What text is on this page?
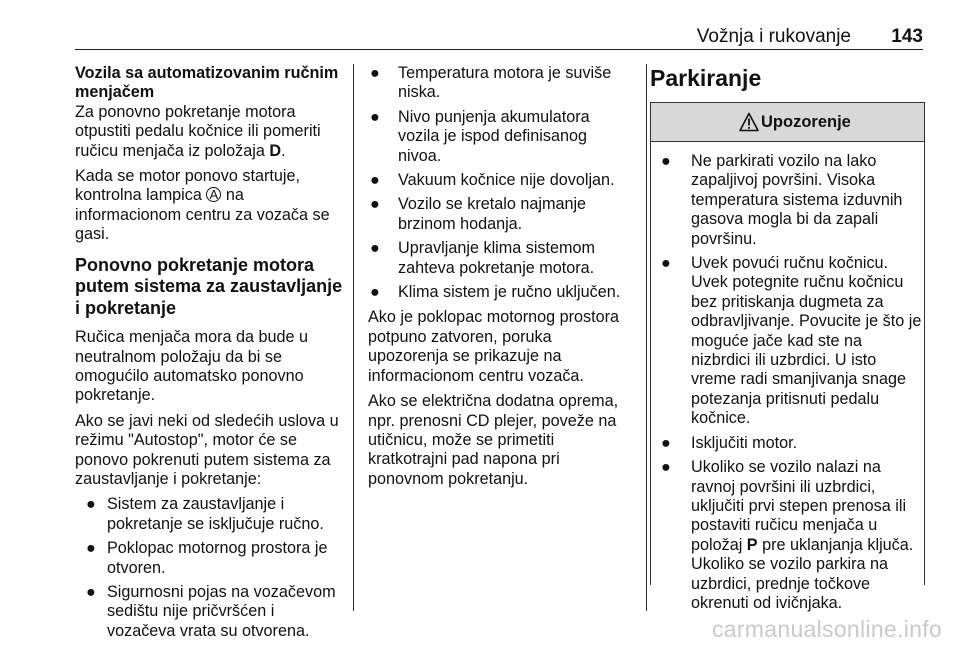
Vožnja i rukovanje 143

Vozila sa automatizovanim ručnim
menjačem

Za ponovno pokretanje motora otpustiti pedalu kočnice ili pomeriti ručicu menjača iz položaja D.

Kada se motor ponovo startuje, kontrolna lampica A na informacionom centru za vozača se gasi.

Ponovno pokretanje motora putem sistema za zaustavljanje i pokretanje

Ručica menjača mora da bude u neutralnom položaju da bi se omogućilo automatsko ponovno pokretanje.

Ako se javi neki od sledećih uslova u režimu "Autostop", motor će se ponovo pokrenuti putem sistema za zaustavljanje i pokretanje:

● Sistem za zaustavljanje i pokretanje se isključuje ručno.
● Poklopac motornog prostora je otvoren.
● Sigurnosni pojas na vozačevom sedištu nije pričvršćen i vozačeva vrata su otvorena.
● Temperatura motora je suviše niska.
● Nivo punjenja akumulatora vozila je ispod definisanog nivoa.
● Vakuum kočnice nije dovoljan.
● Vozilo se kretalo najmanje brzinom hodanja.
● Upravljanje klima sistemom zahteva pokretanje motora.
● Klima sistem je ručno uključen.

Ako je poklopac motornog prostora potpuno zatvoren, poruka upozorenja se prikazuje na informacionom centru vozača.

Ako se električna dodatna oprema, npr. prenosni CD plejer, poveže na utičnicu, može se primetiti kratkotrajni pad napona pri ponovnom pokretanju.

Parkiranje

Upozorenje
●	Ne parkirati vozilo na lako zapaljivoj površini. Visoka temperatura sistema izduvnih gasova mogla bi da zapali površinu.
●	Uvek povući ručnu kočnicu. Uvek potegnite ručnu kočnicu bez pritiskanja dugmeta za odbravljivanje. Povucite je što je moguće jače kad ste na nizbrdici ili uzbrdici. U isto vreme radi smanjivanja snage potezanja pritisnuti pedalu kočnice.
●	Isključiti motor.
●	Ukoliko se vozilo nalazi na ravnoj površini ili uzbrdici, uključiti prvi stepen prenosa ili postaviti ručicu menjača u položaj P pre uklanjanja ključa. Ukoliko se vozilo parkira na uzbrdici, prednje točkove okrenuti od ivičnjaka.
carmanualsonline.info
